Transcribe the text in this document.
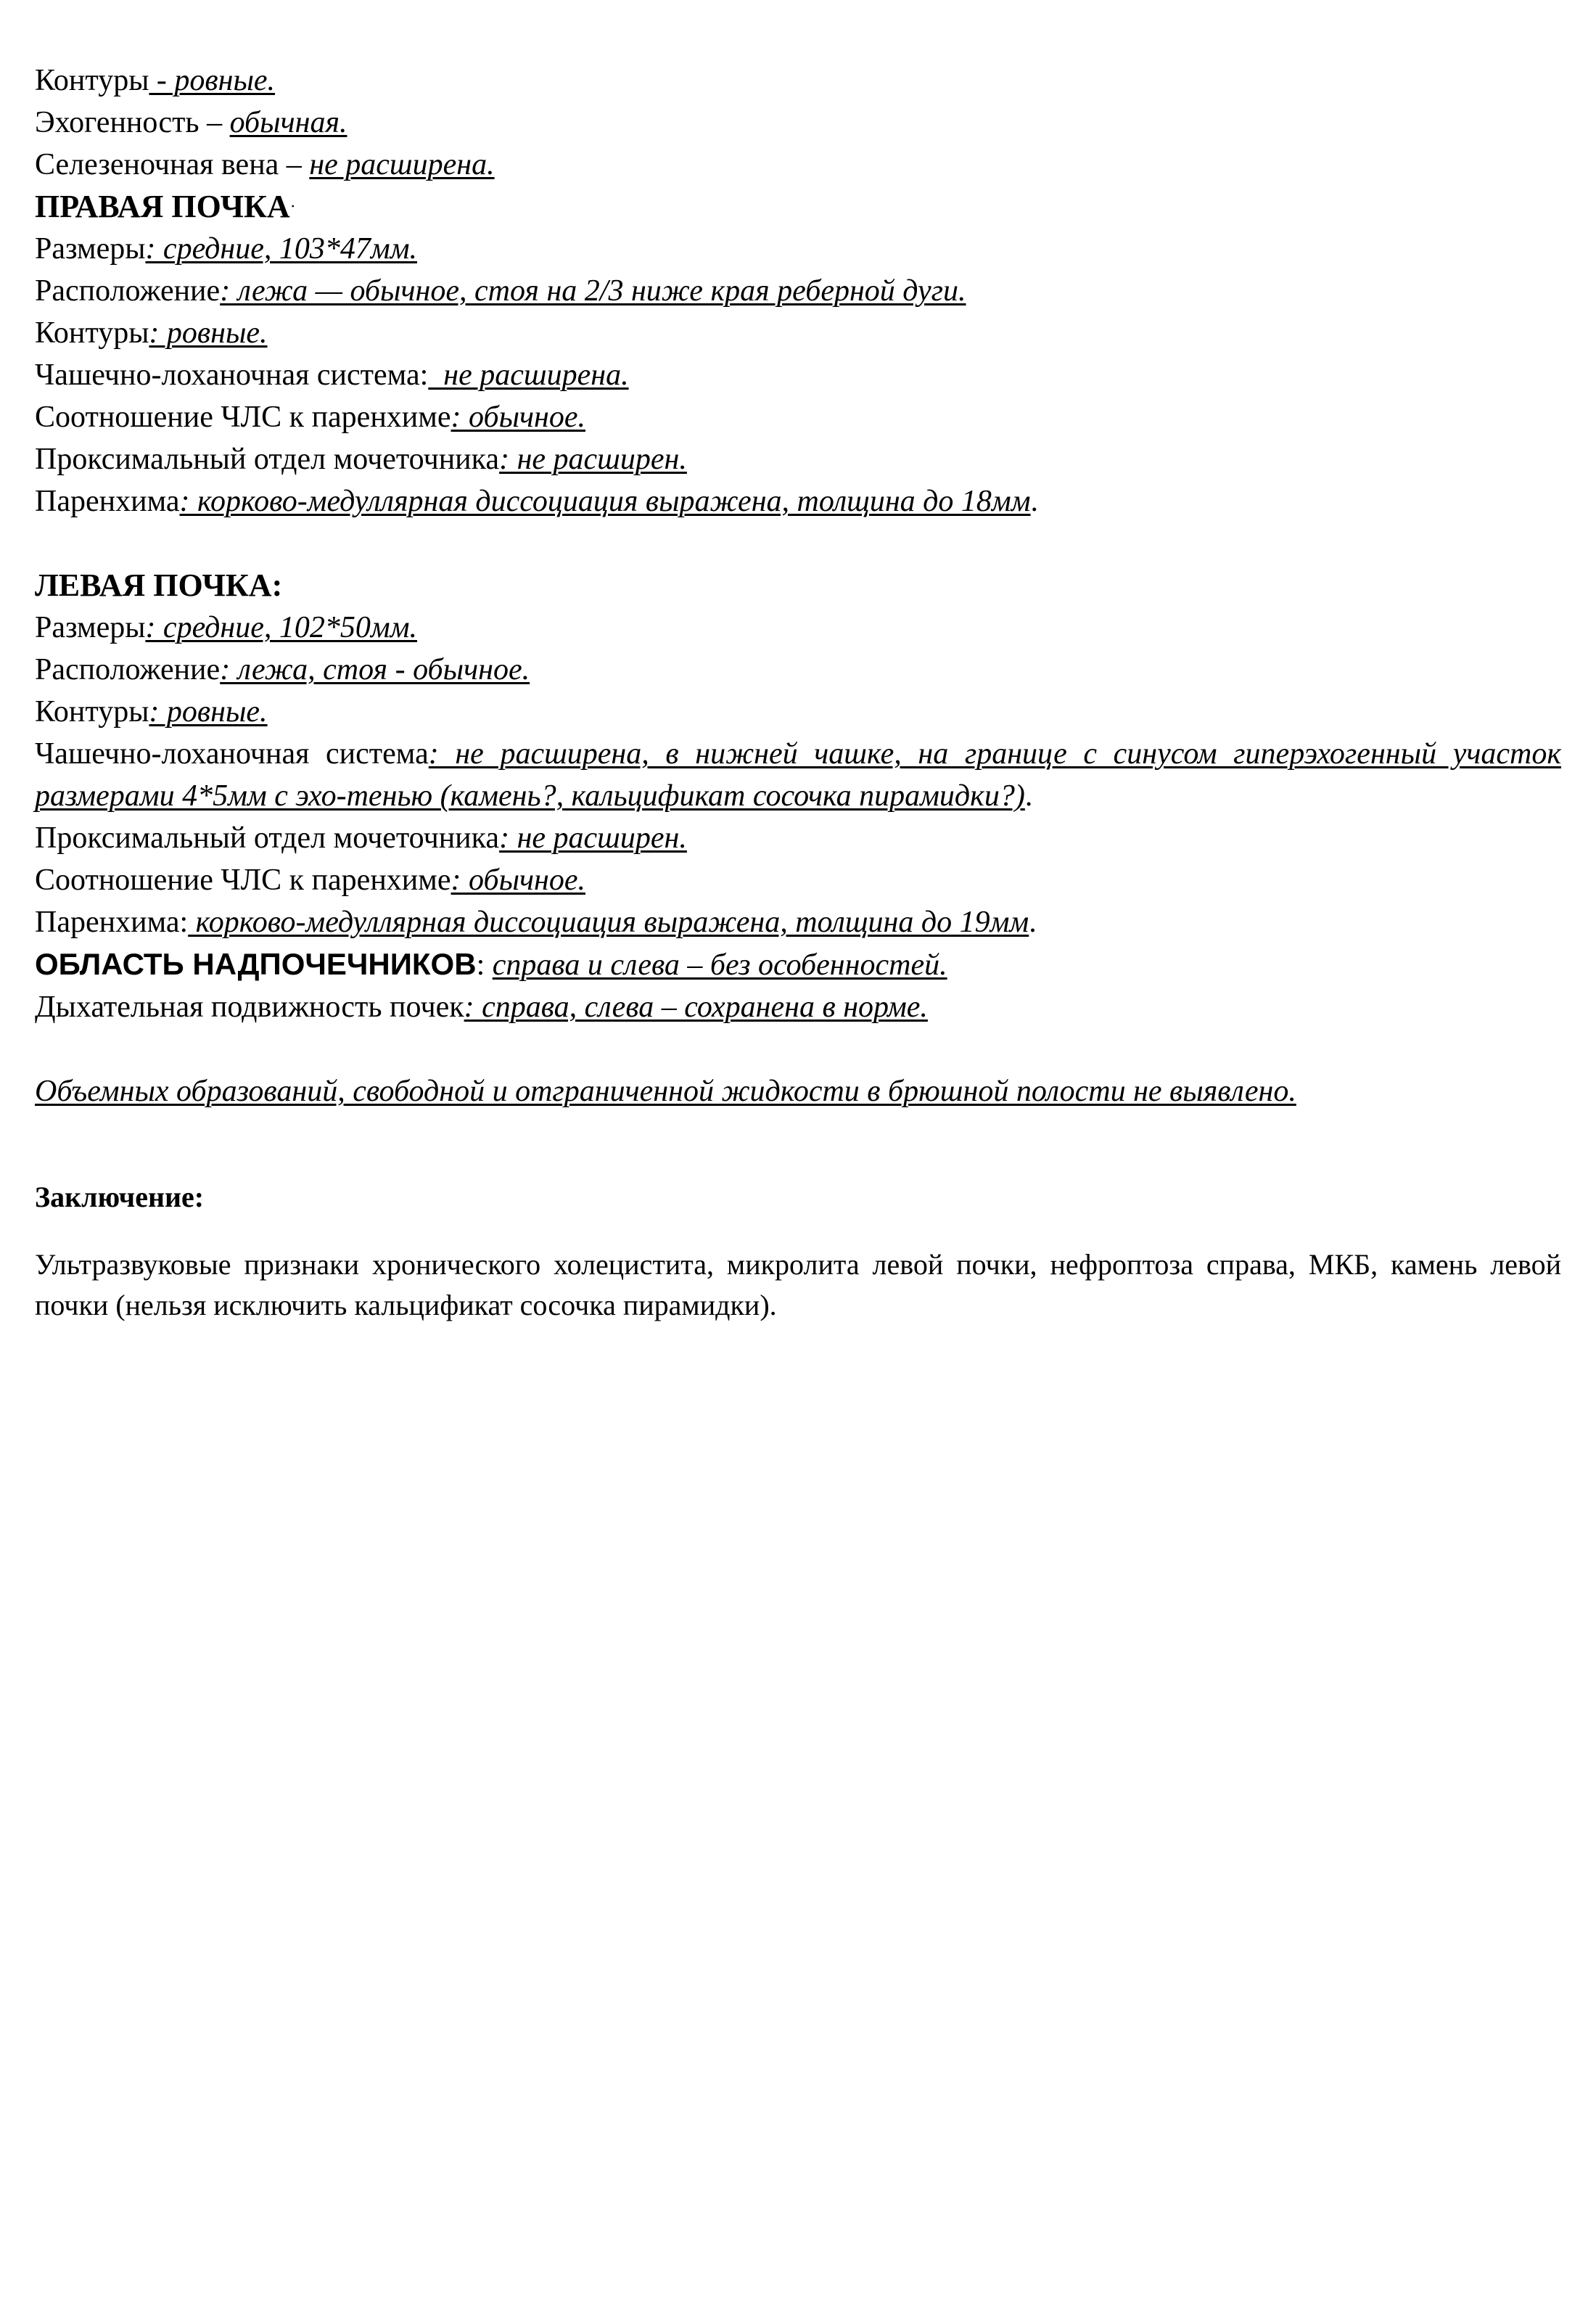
Контуры - ровные.
Эхогенность – обычная.
Селезеночная вена – не расширена.
ПРАВАЯ ПОЧКА·
Размеры: средние, 103*47мм.
Расположение: лежа — обычное, стоя на 2/3 ниже края реберной дуги.
Контуры: ровные.
Чашечно-лоханочная система:  не расширена.
Соотношение ЧЛС к паренхиме: обычное.
Проксимальный отдел мочеточника: не расширен.
Паренхима: корково-медуллярная диссоциация выражена, толщина до 18мм.
ЛЕВАЯ ПОЧКА:
Размеры: средние, 102*50мм.
Расположение: лежа, стоя - обычное.
Контуры: ровные.
Чашечно-лоханочная система: не расширена, в нижней чашке, на границе с синусом гиперэхогенный участок размерами 4*5мм с эхо-тенью (камень?, кальцификат сосочка пирамидки?).
Проксимальный отдел мочеточника: не расширен.
Соотношение ЧЛС к паренхиме: обычное.
Паренхима: корково-медуллярная диссоциация выражена, толщина до 19мм.
ОБЛАСТЬ НАДПОЧЕЧНИКОВ: справа и слева – без особенностей.
Дыхательная подвижность почек: справа, слева – сохранена в норме.
Объемных образований, свободной и отграниченной жидкости в брюшной полости не выявлено.
Заключение:
Ультразвуковые признаки хронического холецистита, микролита левой почки, нефроптоза справа, МКБ, камень левой почки (нельзя исключить кальцификат сосочка пирамидки).
